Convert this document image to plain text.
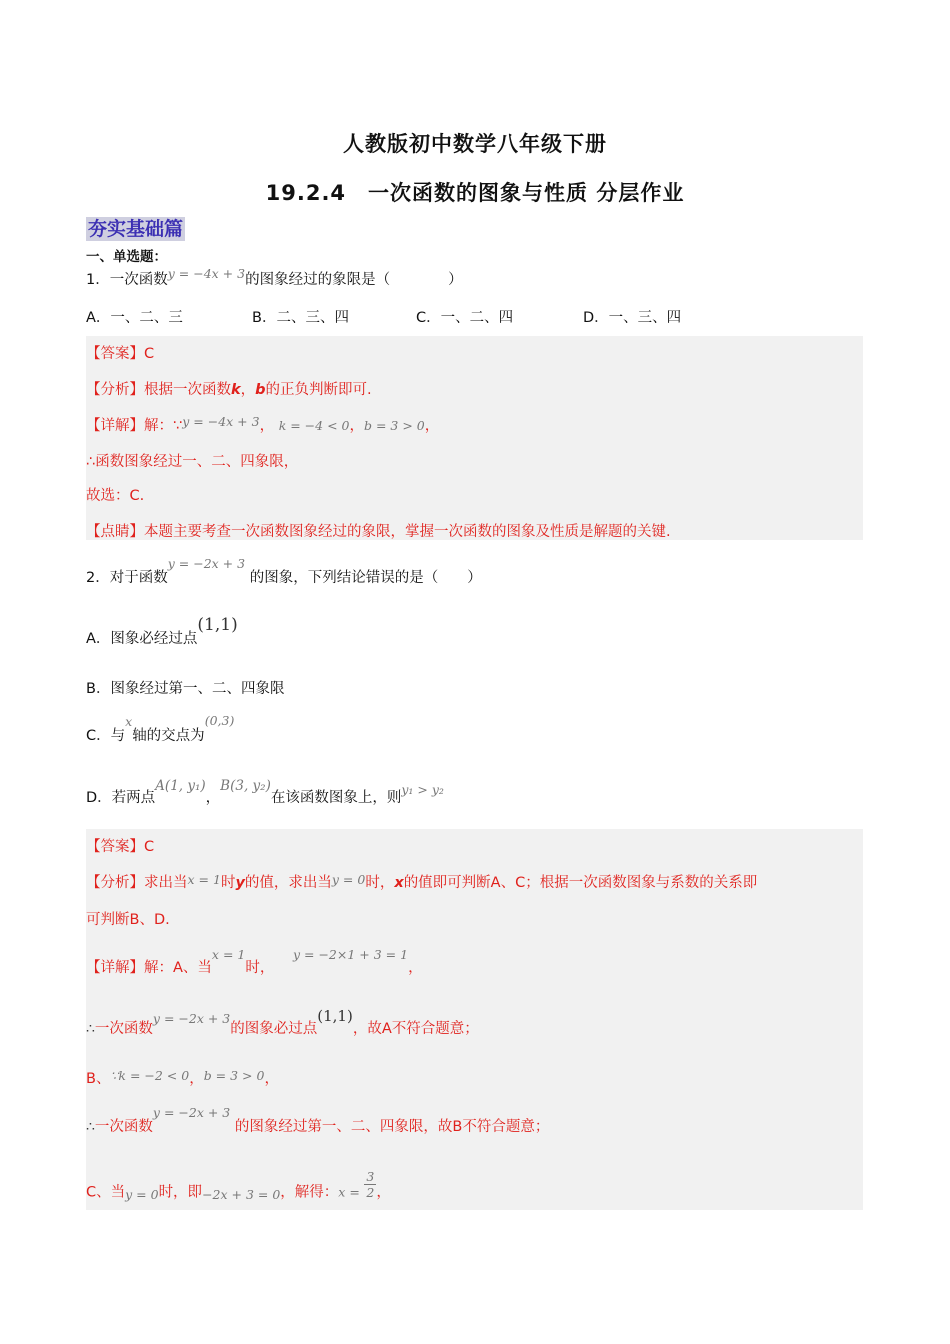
人教版初中数学八年级下册
19.2.4　一次函数的图象与性质 分层作业
夯实基础篇
一、单选题：
1．一次函数y = −4x + 3的图象经过的象限是（　　　　）
A．一、二、三	B．二、三、四	C．一、二、四	D．一、三、四
【答案】C
【分析】根据一次函数k，b的正负判断即可.
【详解】解：∵y = −4x + 3， k = −4 < 0，b = 3 > 0，
∴函数图象经过一、二、四象限，
故选：C.
【点睛】本题主要考查一次函数图象经过的象限，掌握一次函数的图象及性质是解题的关键.
2．对于函数y = −2x + 3的图象，下列结论错误的是（　　）
A．图象必经过点(1,1)
B．图象经过第一、二、四象限
C．与x轴的交点为(0,3)
D．若两点A(1, y₁)，B(3, y₂)在该函数图象上，则y₁ > y₂
【答案】C
【分析】求出当x = 1时y的值，求出当y = 0时，x的值即可判断A、C；根据一次函数图象与系数的关系即
可判断B、D.
【详解】解：A、当x = 1时， y = −2×1 + 3 = 1，
∴一次函数y = −2x + 3的图象必过点(1,1)，故A不符合题意；
B、∵k = −2 < 0，b = 3 > 0，
∴一次函数y = −2x + 3的图象经过第一、二、四象限，故B不符合题意；
C、当y = 0时，即−2x + 3 = 0，解得：$x = \frac{3}{2}$ ，
